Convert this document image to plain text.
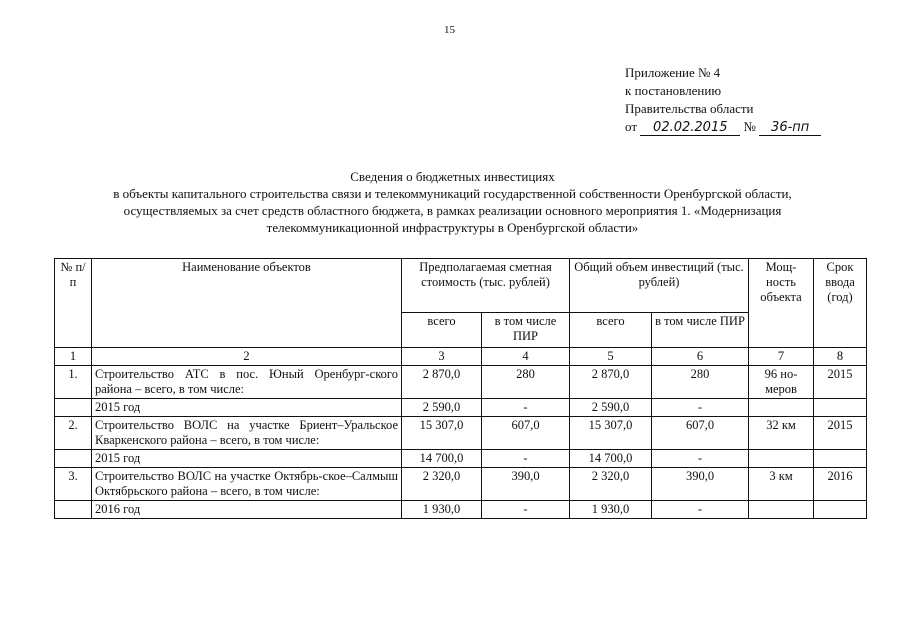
15
Приложение № 4
к постановлению
Правительства области
от 02.02.2015 № 36-пп
Сведения о бюджетных инвестициях
в объекты капитального строительства связи и телекоммуникаций государственной собственности Оренбургской области,
осуществляемых за счет средств областного бюджета, в рамках реализации основного мероприятия 1. «Модернизация
телекоммуникационной инфраструктуры в Оренбургской области»
№ п/п	Наименование объектов	Предполагаемая сметная стоимость (тыс. рублей)		Общий объем инвестиций (тыс. рублей)		Мощ-ность объекта	Срок ввода (год)
		всего	в том числе ПИР	всего	в том числе ПИР		
1	2	3	4	5	6	7	8
1.	Строительство АТС в пос. Юный Оренбург-ского района – всего, в том числе:	2 870,0	280	2 870,0	280	96 но-меров	2015
	2015 год	2 590,0	-	2 590,0	-		
2.	Строительство ВОЛС на участке Бриент–Уральское Кваркенского района – всего, в том числе:	15 307,0	607,0	15 307,0	607,0	32 км	2015
	2015 год	14 700,0	-	14 700,0	-		
3.	Строительство ВОЛС на участке Октябрь-ское–Салмыш Октябрьского района – всего, в том числе:	2 320,0	390,0	2 320,0	390,0	3 км	2016
	2016 год	1 930,0	-	1 930,0	-		
